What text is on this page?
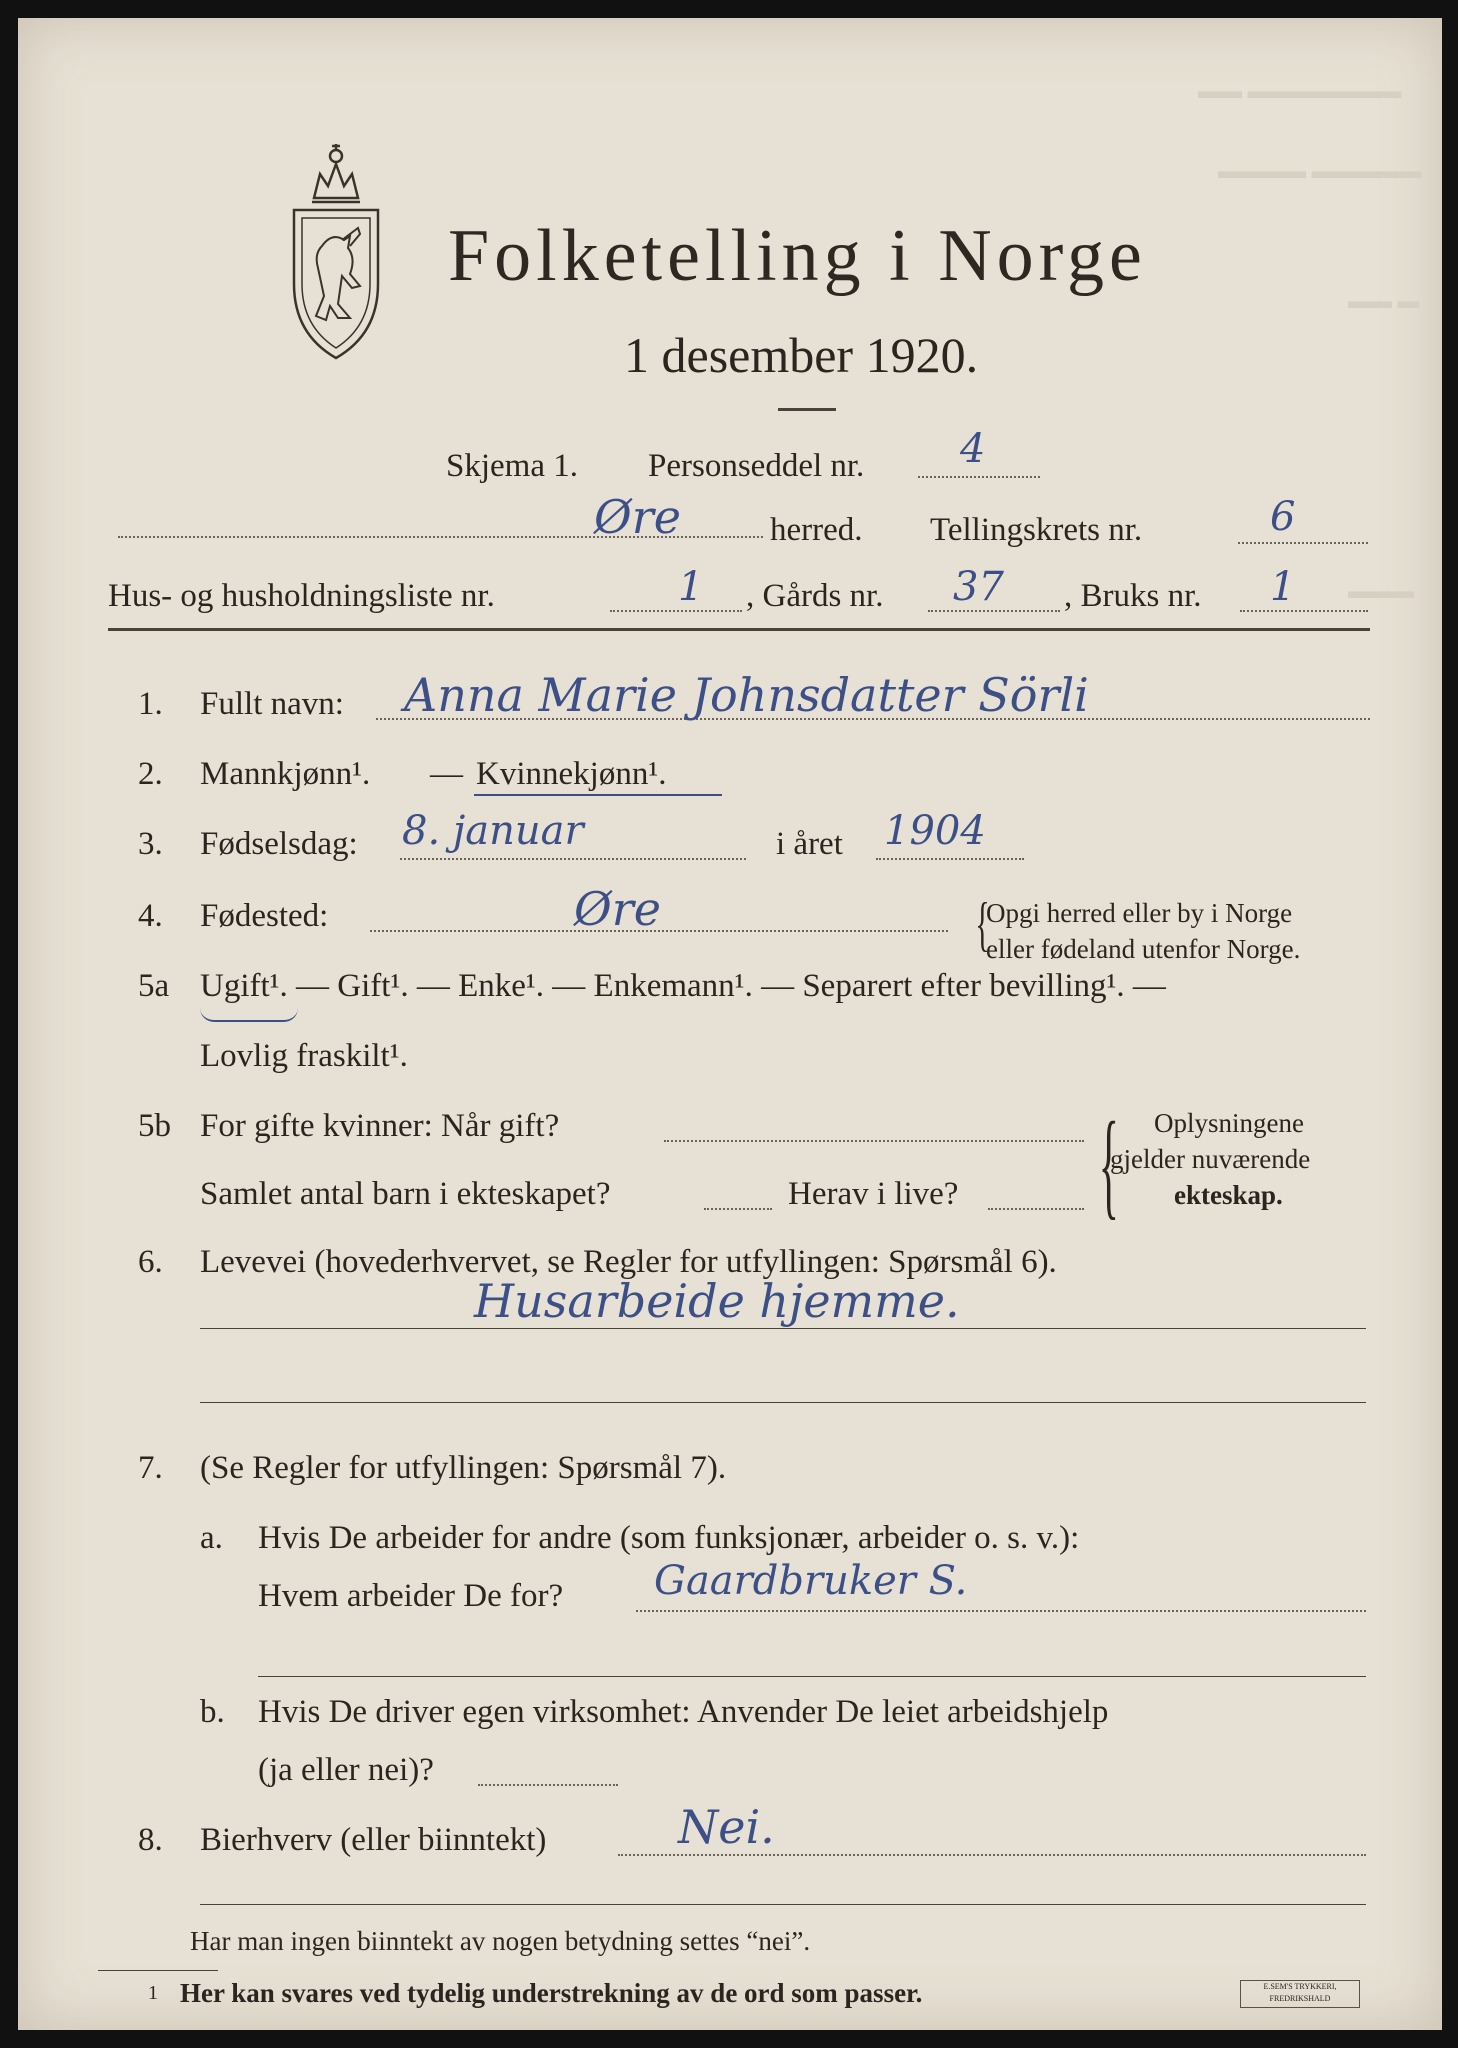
▬▬ ▬▬▬▬▬▬▬
▬▬▬▬ ▬▬▬▬▬
▬▬ ▬
▬▬▬
Folketelling i Norge
1 desember 1920.
Skjema 1. Personseddel nr. 4
Øre	herred. Tellingskrets nr.	6
Hus- og husholdningsliste nr.	1 , Gårds nr. 37 , Bruks nr. 1
1. Fullt navn: Anna Marie Johnsdatter Sörli
2. Mannkjønn¹. — Kvinnekjønn¹.
3. Fødselsdag: 8. januar	i året 1904
4. Fødested:	Øre	{
Opgi herred eller by i Norge
eller fødeland utenfor Norge.
5a Ugift¹. — Gift¹. — Enke¹. — Enkemann¹. — Separert efter bevilling¹. —
Lovlig fraskilt¹.
5b For gifte kvinner: Når gift?
Samlet antal barn i ekteskapet?	Herav i live? { Oplysningene
gjelder nuværende
ekteskap.
6. Levevei (hovederhvervet, se Regler for utfyllingen: Spørsmål 6).
Husarbeide hjemme.
7. (Se Regler for utfyllingen: Spørsmål 7).
a. Hvis De arbeider for andre (som funksjonær, arbeider o. s. v.):
Hvem arbeider De for? Gaardbruker S.
b. Hvis De driver egen virksomhet: Anvender De leiet arbeidshjelp
(ja eller nei)?
8. Bierhverv (eller biinntekt)	Nei.
Har man ingen biinntekt av nogen betydning settes “nei”.
1 Her kan svares ved tydelig understrekning av de ord som passer.	E.SEM'S TRYKKERI, FREDRIKSHALD
